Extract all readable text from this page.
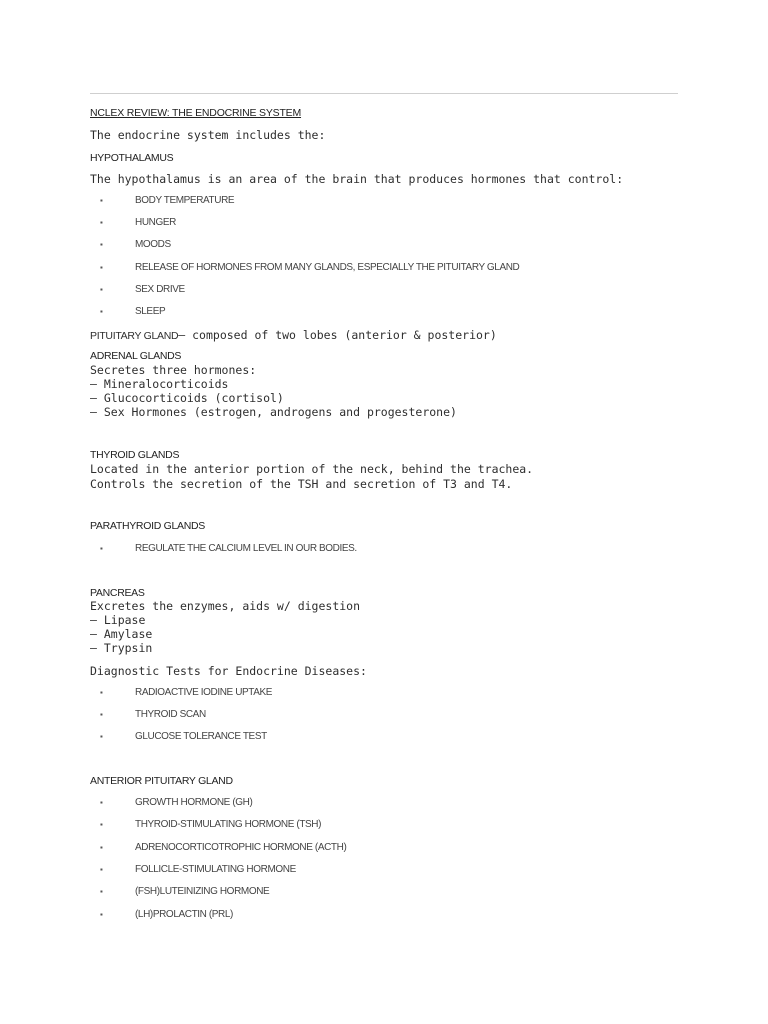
NCLEX REVIEW: THE ENDOCRINE SYSTEM
The endocrine system includes the:
HYPOTHALAMUS
The hypothalamus is an area of the brain that produces hormones that control:
▪	BODY TEMPERATURE
▪	HUNGER
▪	MOODS
▪	RELEASE OF HORMONES FROM MANY GLANDS, ESPECIALLY THE PITUITARY GLAND
▪	SEX DRIVE
▪	SLEEP
PITUITARY GLAND– composed of two lobes (anterior & posterior)
ADRENAL GLANDS
Secretes three hormones:
– Mineralocorticoids
– Glucocorticoids (cortisol)
– Sex Hormones (estrogen, androgens and progesterone)
THYROID GLANDS
Located in the anterior portion of the neck, behind the trachea.
Controls the secretion of the TSH and secretion of T3 and T4.
PARATHYROID GLANDS
▪	REGULATE THE CALCIUM LEVEL IN OUR BODIES.
PANCREAS
Excretes the enzymes, aids w/ digestion
– Lipase
– Amylase
– Trypsin
Diagnostic Tests for Endocrine Diseases:
▪	RADIOACTIVE IODINE UPTAKE
▪	THYROID SCAN
▪	GLUCOSE TOLERANCE TEST
ANTERIOR PITUITARY GLAND
▪	GROWTH HORMONE (GH)
▪	THYROID-STIMULATING HORMONE (TSH)
▪	ADRENOCORTICOTROPHIC HORMONE (ACTH)
▪	FOLLICLE-STIMULATING HORMONE
▪	(FSH)LUTEINIZING HORMONE
▪	(LH)PROLACTIN (PRL)
